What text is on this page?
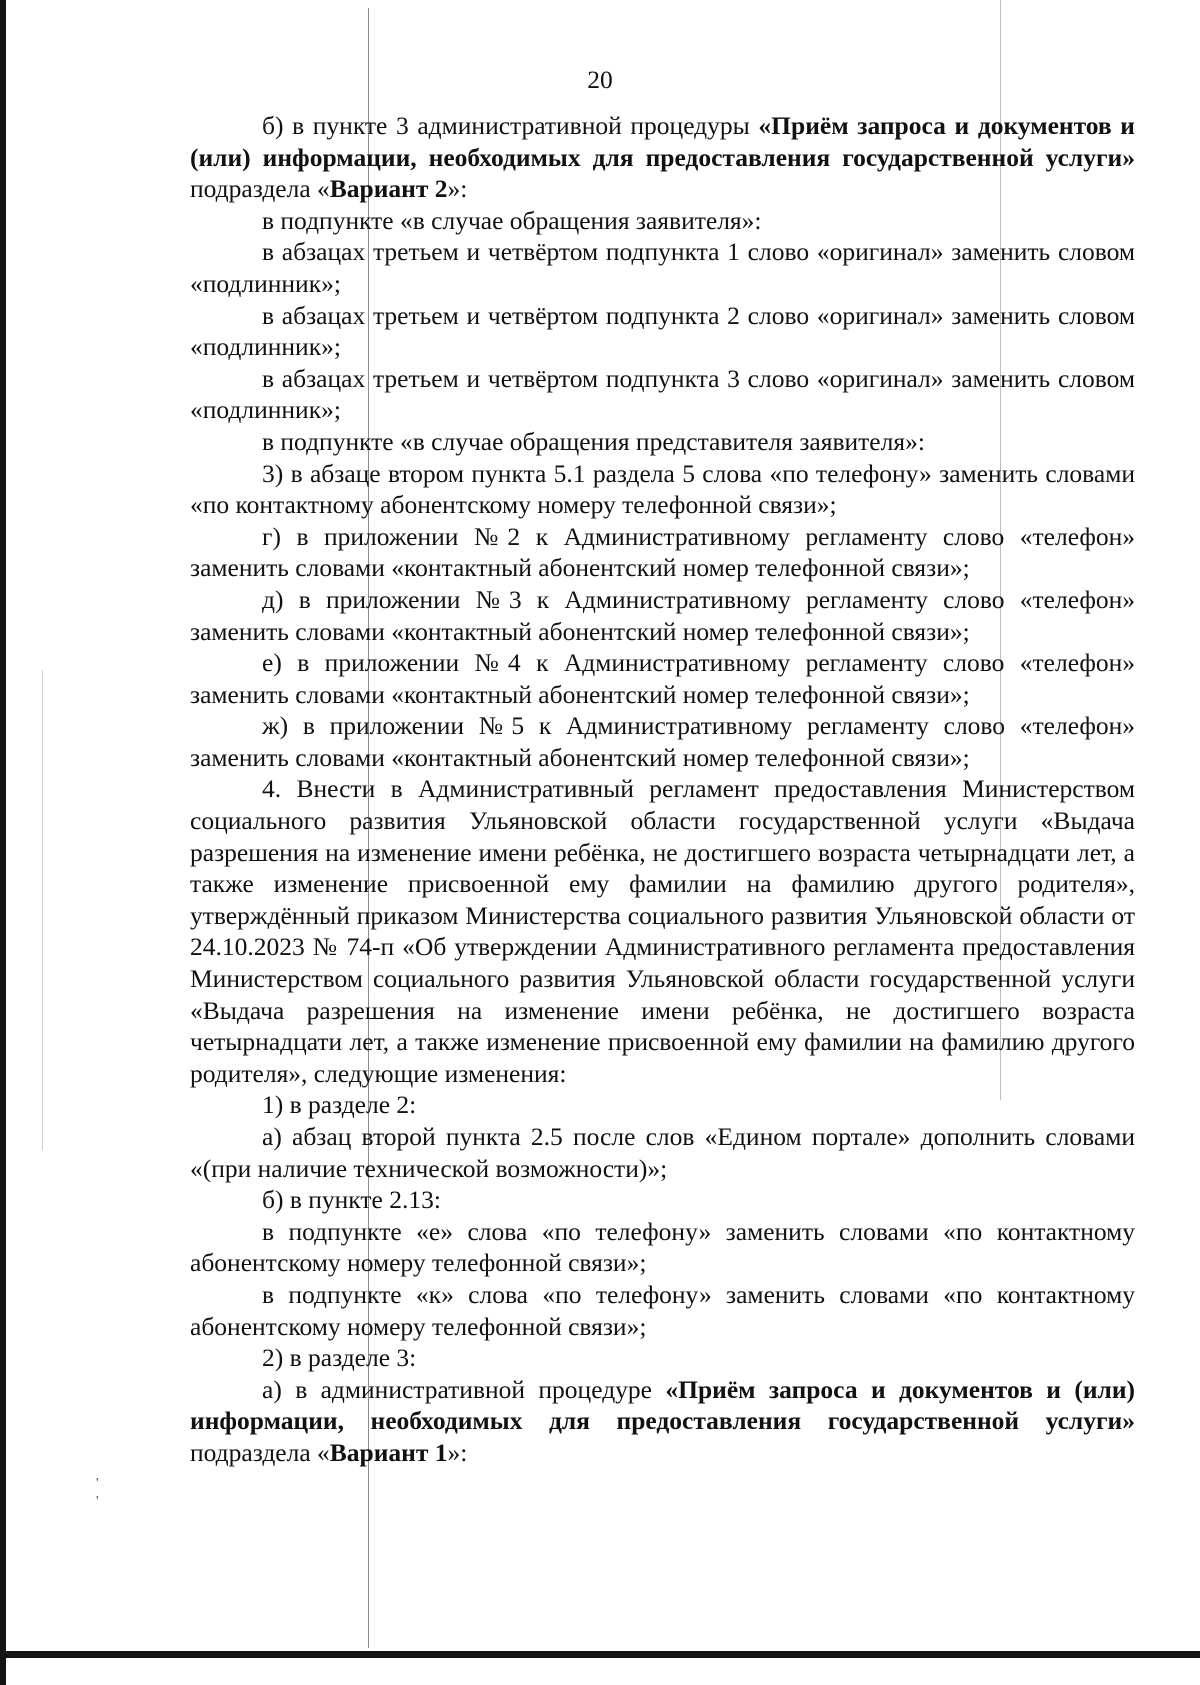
'
'
20

б) в пункте 3 административной процедуры «Приём запроса и документов и (или) информации, необходимых для предоставления государственной услуги» подраздела «Вариант 2»:

в подпункте «в случае обращения заявителя»:

в абзацах третьем и четвёртом подпункта 1 слово «оригинал» заменить словом «подлинник»;

в абзацах третьем и четвёртом подпункта 2 слово «оригинал» заменить словом «подлинник»;

в абзацах третьем и четвёртом подпункта 3 слово «оригинал» заменить словом «подлинник»;

в подпункте «в случае обращения представителя заявителя»:

3) в абзаце втором пункта 5.1 раздела 5 слова «по телефону» заменить словами «по контактному абонентскому номеру телефонной связи»;

г) в приложении №2 к Административному регламенту слово «телефон» заменить словами «контактный абонентский номер телефонной связи»;

д) в приложении №3 к Административному регламенту слово «телефон» заменить словами «контактный абонентский номер телефонной связи»;

е) в приложении №4 к Административному регламенту слово «телефон» заменить словами «контактный абонентский номер телефонной связи»;

ж) в приложении №5 к Административному регламенту слово «телефон» заменить словами «контактный абонентский номер телефонной связи»;

4. Внести в Административный регламент предоставления Министерством социального развития Ульяновской области государственной услуги «Выдача разрешения на изменение имени ребёнка, не достигшего возраста четырнадцати лет, а также изменение присвоенной ему фамилии на фамилию другого родителя», утверждённый приказом Министерства социального развития Ульяновской области от 24.10.2023 № 74-п «Об утверждении Административного регламента предоставления Министерством социального развития Ульяновской области государственной услуги «Выдача разрешения на изменение имени ребёнка, не достигшего возраста четырнадцати лет, а также изменение присвоенной ему фамилии на фамилию другого родителя», следующие изменения:

1) в разделе 2:

а) абзац второй пункта 2.5 после слов «Едином портале» дополнить словами «(при наличие технической возможности)»;

б) в пункте 2.13:

в подпункте «е» слова «по телефону» заменить словами «по контактному абонентскому номеру телефонной связи»;

в подпункте «к» слова «по телефону» заменить словами «по контактному абонентскому номеру телефонной связи»;

2) в разделе 3:

а) в административной процедуре «Приём запроса и документов и (или) информации, необходимых для предоставления государственной услуги» подраздела «Вариант 1»:
